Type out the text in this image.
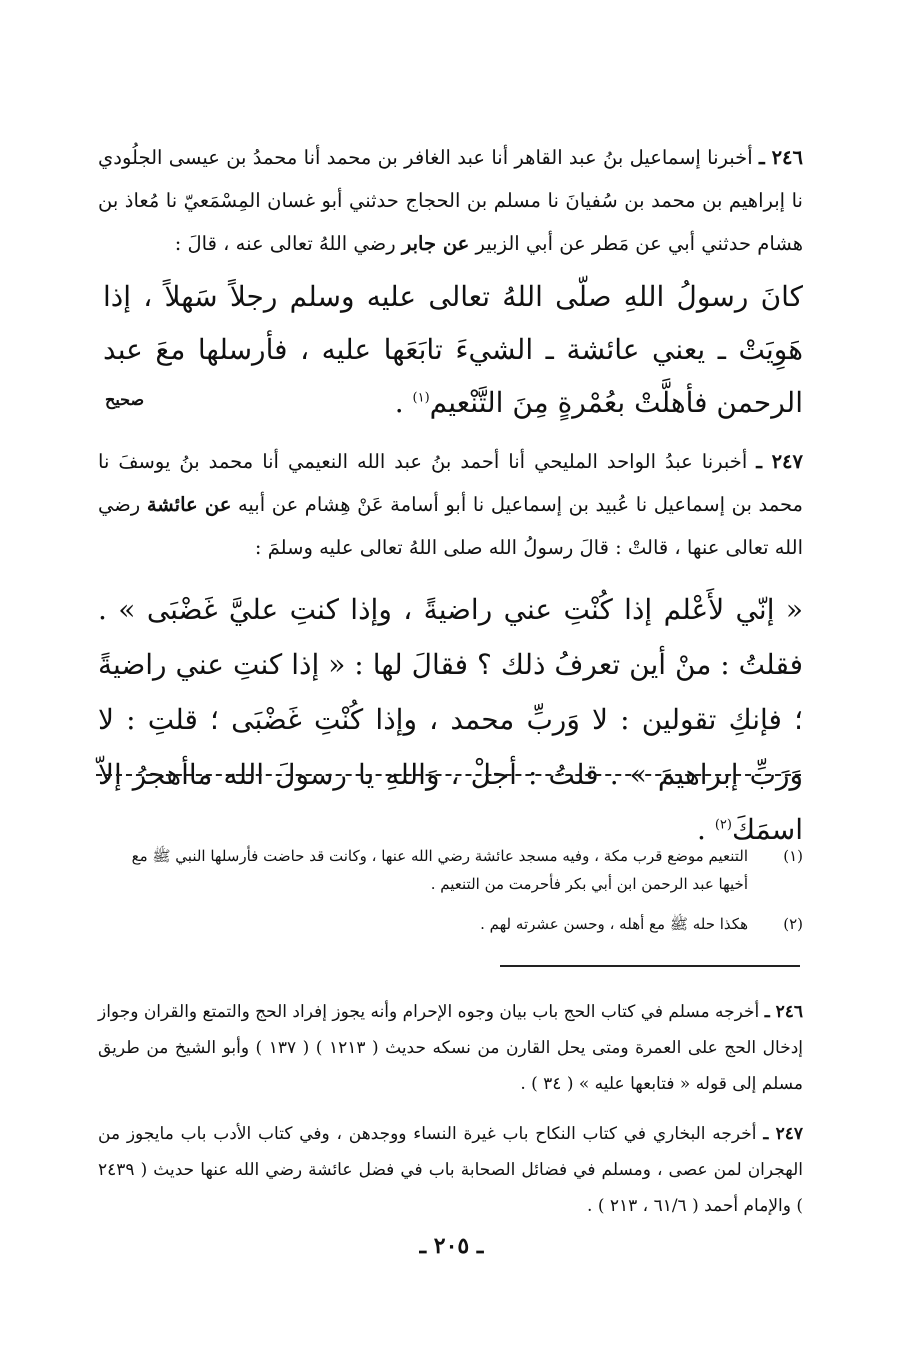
٢٤٦ ـ أخبرنا إسماعيل بنُ عبد القاهر أنا عبد الغافر بن محمد أنا محمدُ بن عيسى الجلُودي نا إبراهيم بن محمد بن سُفيانَ نا مسلم بن الحجاج حدثني أبو غسان المِسْمَعيّ نا مُعاذ بن هشام حدثني أبي عن مَطر عن أبي الزبير عن جابر رضي اللهُ تعالى عنه ، قالَ :
كانَ رسولُ اللهِ صلّى اللهُ تعالى عليه وسلم رجلاً سَهلاً ، إذا هَوِيَتْ ـ يعني عائشة ـ الشيءَ تابَعَها عليه ، فأرسلها معَ عبد الرحمن فأهلَّتْ بعُمْرةٍ مِنَ التَّنْعيم$^{(١)}$ .
صحيح
٢٤٧ ـ أخبرنا عبدُ الواحد المليحي أنا أحمد بنُ عبد الله النعيمي أنا محمد بنُ يوسفَ نا محمد بن إسماعيل نا عُبيد بن إسماعيل نا أبو أسامة عَنْ هِشام عن أبيه عن عائشة رضي الله تعالى عنها ، قالتْ : قالَ رسولُ الله صلى اللهُ تعالى عليه وسلمَ :
« إنّي لأَعْلم إذا كُنْتِ عني راضيةً ، وإذا كنتِ عليَّ غَضْبَى » . فقلتُ : منْ أين تعرفُ ذلك ؟ فقالَ لها : « إذا كنتِ عني راضيةً ؛ فإنكِ تقولين : لا وَربِّ محمد ، وإذا كُنْتِ غَضْبَى ؛ قلتِ : لا وَرَبِّ إبراهيمَ » . قلتُ : أجلْ ، وَاللهِ يا رسولَ الله ماأهجرُ إلاّ اسمَكَ$^{(٢)}$ .
(١)
التنعيم موضع قرب مكة ، وفيه مسجد عائشة رضي الله عنها ، وكانت قد حاضت فأرسلها النبي ﷺ مع أخيها عبد الرحمن ابن أبي بكر فأحرمت من التنعيم .
(٢)
هكذا حله ﷺ مع أهله ، وحسن عشرته لهم .
٢٤٦ ـ أخرجه مسلم في كتاب الحج باب بيان وجوه الإحرام وأنه يجوز إفراد الحج والتمتع والقران وجواز إدخال الحج على العمرة ومتى يحل القارن من نسكه حديث ( ١٢١٣ ) ( ١٣٧ ) وأبو الشيخ من طريق مسلم إلى قوله « فتابعها عليه » ( ٣٤ ) .
٢٤٧ ـ أخرجه البخاري في كتاب النكاح باب غيرة النساء ووجدهن ، وفي كتاب الأدب باب مايجوز من الهجران لمن عصى ، ومسلم في فضائل الصحابة باب في فضل عائشة رضي الله عنها حديث ( ٢٤٣٩ ) والإمام أحمد ( ٦١/٦ ، ٢١٣ ) .
ـ ٢٠٥ ـ
